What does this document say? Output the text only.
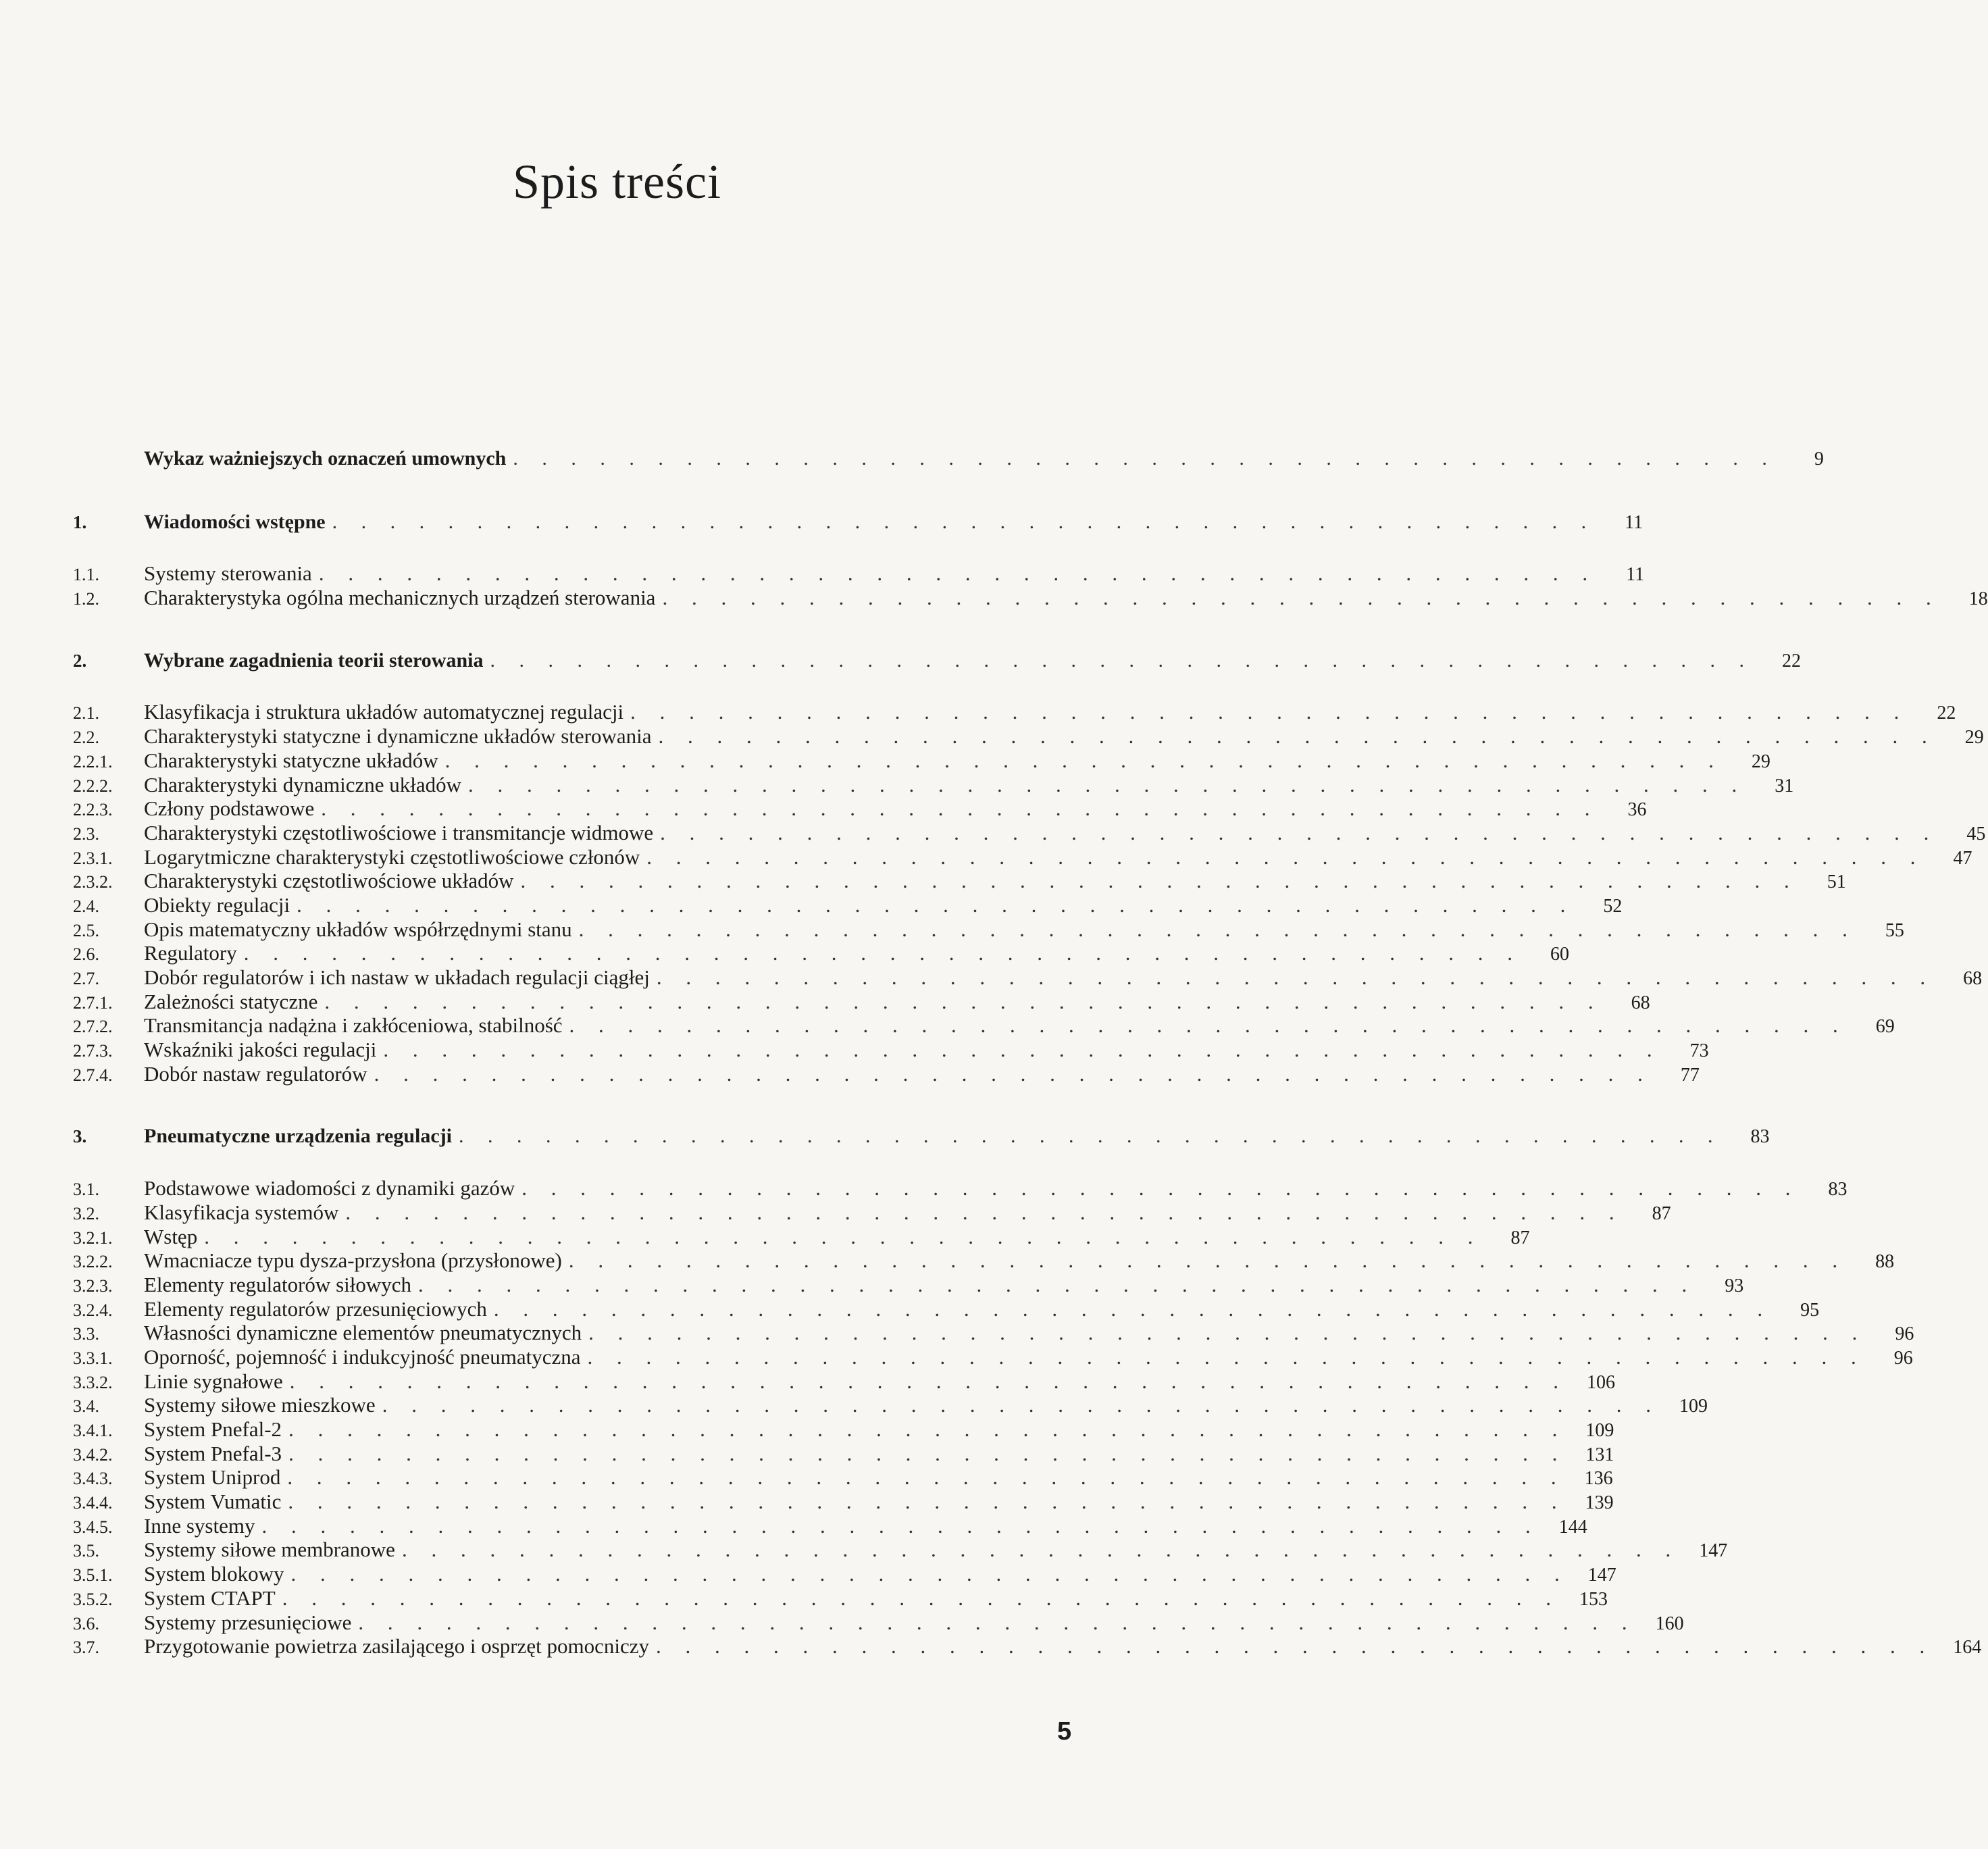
Spis treści
Wykaz ważniejszych oznaczeń umownych . . . . . . . . . . . . . . . . . . . . . . . . . . . . . . . . . . . . . . . . . . . .	9
1.	Wiadomości wstępne . . . . . . . . . . . . . . . . . . . . . . . . . . . . . . . . . . . . . . . . . . . .	11
1.1.	Systemy sterowania . . . . . . . . . . . . . . . . . . . . . . . . . . . . . . . . . . . . . . . . . . . .	11
1.2.	Charakterystyka ogólna mechanicznych urządzeń sterowania . . . . . . . . . . . . . . . . . . . . . . . . . . . . . . . . . . . . . . . . . . . .	18
2.	Wybrane zagadnienia teorii sterowania . . . . . . . . . . . . . . . . . . . . . . . . . . . . . . . . . . . . . . . . . . . .	22
2.1.	Klasyfikacja i struktura układów automatycznej regulacji . . . . . . . . . . . . . . . . . . . . . . . . . . . . . . . . . . . . . . . . . . . .	22
2.2.	Charakterystyki statyczne i dynamiczne układów sterowania . . . . . . . . . . . . . . . . . . . . . . . . . . . . . . . . . . . . . . . . . . . .	29
2.2.1.	Charakterystyki statyczne układów . . . . . . . . . . . . . . . . . . . . . . . . . . . . . . . . . . . . . . . . . . . .	29
2.2.2.	Charakterystyki dynamiczne układów . . . . . . . . . . . . . . . . . . . . . . . . . . . . . . . . . . . . . . . . . . . .	31
2.2.3.	Człony podstawowe . . . . . . . . . . . . . . . . . . . . . . . . . . . . . . . . . . . . . . . . . . . .	36
2.3.	Charakterystyki częstotliwościowe i transmitancje widmowe . . . . . . . . . . . . . . . . . . . . . . . . . . . . . . . . . . . . . . . . . . . .	45
2.3.1.	Logarytmiczne charakterystyki częstotliwościowe członów . . . . . . . . . . . . . . . . . . . . . . . . . . . . . . . . . . . . . . . . . . . .	47
2.3.2.	Charakterystyki częstotliwościowe układów . . . . . . . . . . . . . . . . . . . . . . . . . . . . . . . . . . . . . . . . . . . .	51
2.4.	Obiekty regulacji . . . . . . . . . . . . . . . . . . . . . . . . . . . . . . . . . . . . . . . . . . . .	52
2.5.	Opis matematyczny układów współrzędnymi stanu . . . . . . . . . . . . . . . . . . . . . . . . . . . . . . . . . . . . . . . . . . . .	55
2.6.	Regulatory . . . . . . . . . . . . . . . . . . . . . . . . . . . . . . . . . . . . . . . . . . . .	60
2.7.	Dobór regulatorów i ich nastaw w układach regulacji ciągłej . . . . . . . . . . . . . . . . . . . . . . . . . . . . . . . . . . . . . . . . . . . .	68
2.7.1.	Zależności statyczne . . . . . . . . . . . . . . . . . . . . . . . . . . . . . . . . . . . . . . . . . . . .	68
2.7.2.	Transmitancja nadążna i zakłóceniowa, stabilność . . . . . . . . . . . . . . . . . . . . . . . . . . . . . . . . . . . . . . . . . . . .	69
2.7.3.	Wskaźniki jakości regulacji . . . . . . . . . . . . . . . . . . . . . . . . . . . . . . . . . . . . . . . . . . . .	73
2.7.4.	Dobór nastaw regulatorów . . . . . . . . . . . . . . . . . . . . . . . . . . . . . . . . . . . . . . . . . . . .	77
3.	Pneumatyczne urządzenia regulacji . . . . . . . . . . . . . . . . . . . . . . . . . . . . . . . . . . . . . . . . . . . .	83
3.1.	Podstawowe wiadomości z dynamiki gazów . . . . . . . . . . . . . . . . . . . . . . . . . . . . . . . . . . . . . . . . . . . .	83
3.2.	Klasyfikacja systemów . . . . . . . . . . . . . . . . . . . . . . . . . . . . . . . . . . . . . . . . . . . .	87
3.2.1.	Wstęp . . . . . . . . . . . . . . . . . . . . . . . . . . . . . . . . . . . . . . . . . . . .	87
3.2.2.	Wmacniacze typu dysza-przysłona (przysłonowe) . . . . . . . . . . . . . . . . . . . . . . . . . . . . . . . . . . . . . . . . . . . .	88
3.2.3.	Elementy regulatorów siłowych . . . . . . . . . . . . . . . . . . . . . . . . . . . . . . . . . . . . . . . . . . . .	93
3.2.4.	Elementy regulatorów przesunięciowych . . . . . . . . . . . . . . . . . . . . . . . . . . . . . . . . . . . . . . . . . . . .	95
3.3.	Własności dynamiczne elementów pneumatycznych . . . . . . . . . . . . . . . . . . . . . . . . . . . . . . . . . . . . . . . . . . . .	96
3.3.1.	Oporność, pojemność i indukcyjność pneumatyczna . . . . . . . . . . . . . . . . . . . . . . . . . . . . . . . . . . . . . . . . . . . .	96
3.3.2.	Linie sygnałowe . . . . . . . . . . . . . . . . . . . . . . . . . . . . . . . . . . . . . . . . . . . .	106
3.4.	Systemy siłowe mieszkowe . . . . . . . . . . . . . . . . . . . . . . . . . . . . . . . . . . . . . . . . . . . .	109
3.4.1.	System Pnefal-2 . . . . . . . . . . . . . . . . . . . . . . . . . . . . . . . . . . . . . . . . . . . .	109
3.4.2.	System Pnefal-3 . . . . . . . . . . . . . . . . . . . . . . . . . . . . . . . . . . . . . . . . . . . .	131
3.4.3.	System Uniprod . . . . . . . . . . . . . . . . . . . . . . . . . . . . . . . . . . . . . . . . . . . .	136
3.4.4.	System Vumatic . . . . . . . . . . . . . . . . . . . . . . . . . . . . . . . . . . . . . . . . . . . .	139
3.4.5.	Inne systemy . . . . . . . . . . . . . . . . . . . . . . . . . . . . . . . . . . . . . . . . . . . .	144
3.5.	Systemy siłowe membranowe . . . . . . . . . . . . . . . . . . . . . . . . . . . . . . . . . . . . . . . . . . . .	147
3.5.1.	System blokowy . . . . . . . . . . . . . . . . . . . . . . . . . . . . . . . . . . . . . . . . . . . .	147
3.5.2.	System CTAPT . . . . . . . . . . . . . . . . . . . . . . . . . . . . . . . . . . . . . . . . . . . .	153
3.6.	Systemy przesunięciowe . . . . . . . . . . . . . . . . . . . . . . . . . . . . . . . . . . . . . . . . . . . .	160
3.7.	Przygotowanie powietrza zasilającego i osprzęt pomocniczy . . . . . . . . . . . . . . . . . . . . . . . . . . . . . . . . . . . . . . . . . . . .	164
5
